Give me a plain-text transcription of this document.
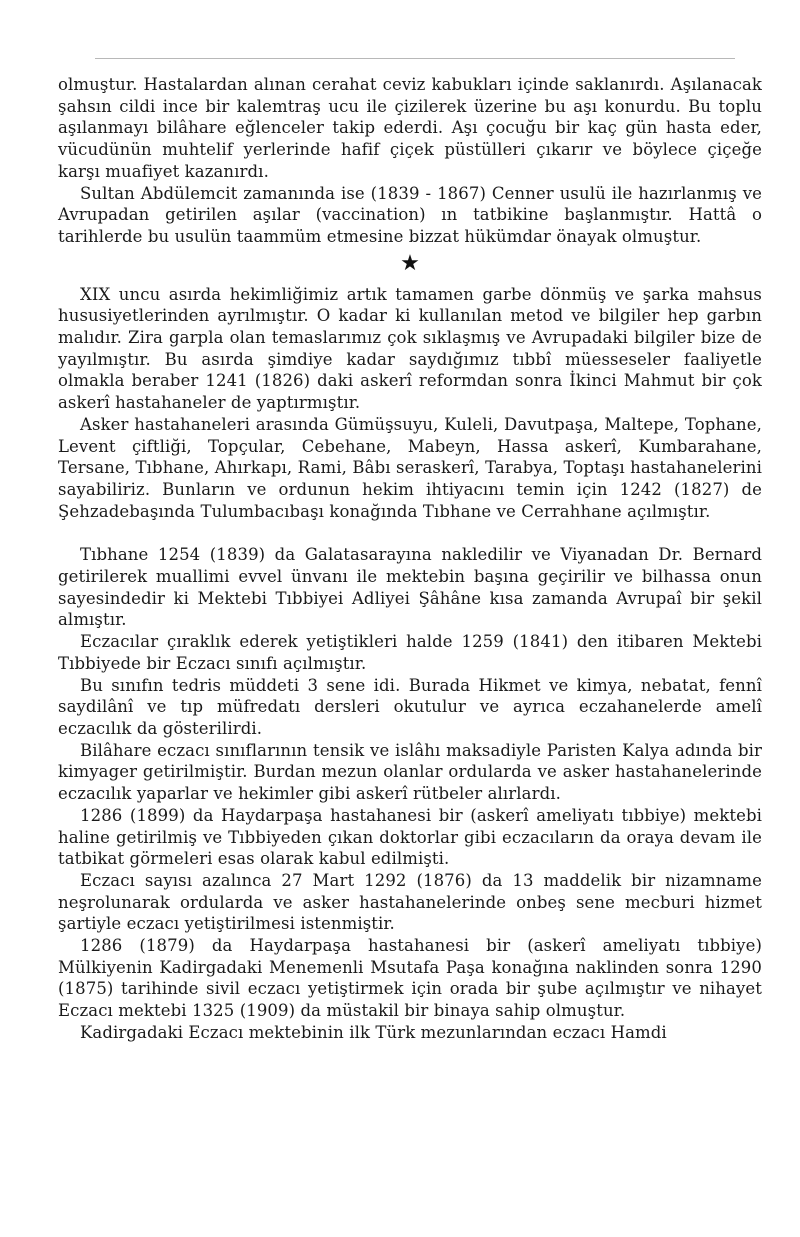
olmuştur. Hastalardan alınan cerahat ceviz kabukları içinde saklanırdı. Aşılanacak şahsın cildi ince bir kalemtraş ucu ile çizilerek üzerine bu aşı konurdu. Bu toplu aşılanmayı bilâhare eğlenceler takip ederdi. Aşı çocuğu bir kaç gün hasta eder, vücudünün muhtelif yerlerinde hafif çiçek püstülleri çıkarır ve böylece çiçeğe karşı muafiyet kazanırdı.

Sultan Abdülemcit zamanında ise (1839 - 1867) Cenner usulü ile hazırlanmış ve Avrupadan getirilen aşılar (vaccination) ın tatbikine başlanmıştır. Hattâ o tarihlerde bu usulün taammüm etmesine bizzat hükümdar önayak olmuştur.

★

XIX uncu asırda hekimliğimiz artık tamamen garbe dönmüş ve şarka mahsus hususiyetlerinden ayrılmıştır. O kadar ki kullanılan metod ve bilgiler hep garbın malıdır. Zira garpla olan temaslarımız çok sıklaşmış ve Avrupadaki bilgiler bize de yayılmıştır. Bu asırda şimdiye kadar saydığımız tıbbî müesseseler faaliyetle olmakla beraber 1241 (1826) daki askerî reformdan sonra İkinci Mahmut bir çok askerî hastahaneler de yaptırmıştır.

Asker hastahaneleri arasında Gümüşsuyu, Kuleli, Davutpaşa, Maltepe, Tophane, Levent çiftliği, Topçular, Cebehane, Mabeyn, Hassa askerî, Kumbarahane, Tersane, Tıbhane, Ahırkapı, Rami, Bâbı seraskerî, Tarabya, Toptaşı hastahanelerini sayabiliriz. Bunların ve ordunun hekim ihtiyacını temin için 1242 (1827) de Şehzadebaşında Tulumbacıbaşı konağında Tıbhane ve Cerrahhane açılmıştır.

Tıbhane 1254 (1839) da Galatasarayına nakledilir ve Viyanadan Dr. Bernard getirilerek muallimi evvel ünvanı ile mektebin başına geçirilir ve bilhassa onun sayesindedir ki Mektebi Tıbbiyei Adliyei Şâhâne kısa zamanda Avrupaî bir şekil almıştır.

Eczacılar çıraklık ederek yetiştikleri halde 1259 (1841) den itibaren Mektebi Tıbbiyede bir Eczacı sınıfı açılmıştır.

Bu sınıfın tedris müddeti 3 sene idi. Burada Hikmet ve kimya, nebatat, fennî saydilânî ve tıp müfredatı dersleri okutulur ve ayrıca eczahanelerde amelî eczacılık da gösterilirdi.

Bilâhare eczacı sınıflarının tensik ve islâhı maksadiyle Paristen Kalya adında bir kimyager getirilmiştir. Burdan mezun olanlar ordularda ve asker hastahanelerinde eczacılık yaparlar ve hekimler gibi askerî rütbeler alırlardı.

1286 (1899) da Haydarpaşa hastahanesi bir (askerî ameliyatı tıbbiye) mektebi haline getirilmiş ve Tıbbiyeden çıkan doktorlar gibi eczacıların da oraya devam ile tatbikat görmeleri esas olarak kabul edilmişti.

Eczacı sayısı azalınca 27 Mart 1292 (1876) da 13 maddelik bir nizamname neşrolunarak ordularda ve asker hastahanelerinde onbeş sene mecburi hizmet şartiyle eczacı yetiştirilmesi istenmiştir.

1286 (1879) da Haydarpaşa hastahanesi bir (askerî ameliyatı tıbbiye) Mülkiyenin Kadirgadaki Menemenli Msutafa Paşa konağına naklinden sonra 1290 (1875) tarihinde sivil eczacı yetiştirmek için orada bir şube açılmıştır ve nihayet Eczacı mektebi 1325 (1909) da müstakil bir binaya sahip olmuştur.

Kadirgadaki Eczacı mektebinin ilk Türk mezunlarından eczacı Hamdi
